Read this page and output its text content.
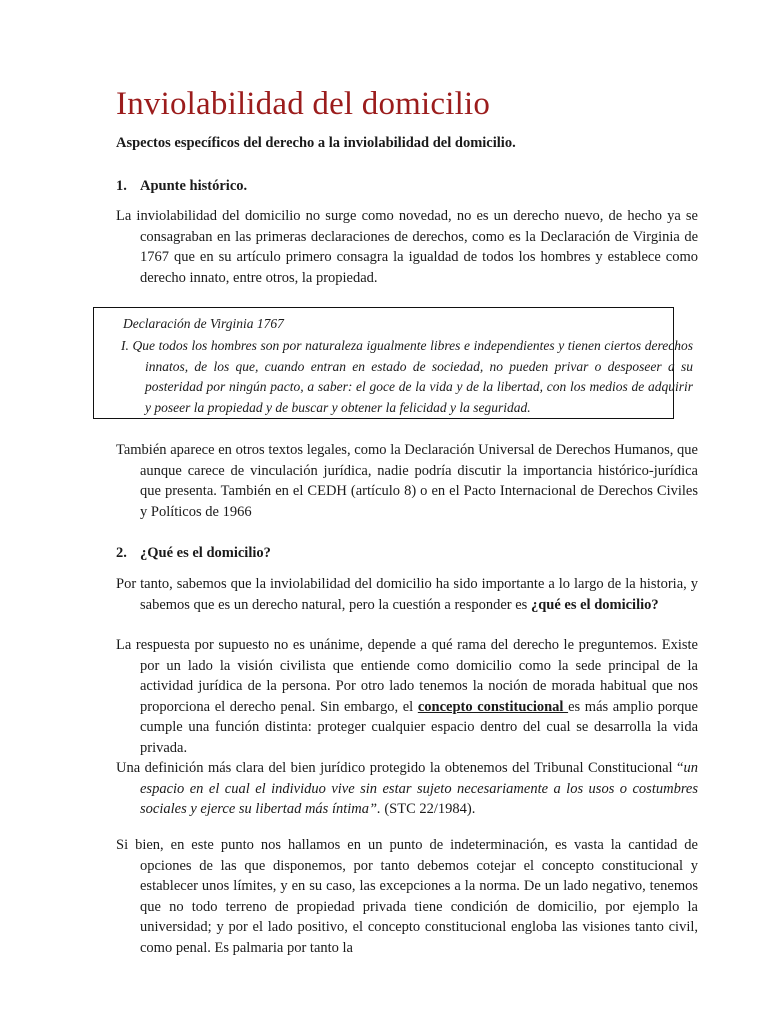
Inviolabilidad del domicilio

Aspectos específicos del derecho a la inviolabilidad del domicilio.

1. Apunte histórico.

La inviolabilidad del domicilio no surge como novedad, no es un derecho nuevo, de hecho ya se consagraban en las primeras declaraciones de derechos, como es la Declaración de Virginia de 1767 que en su artículo primero consagra la igualdad de todos los hombres y establece como derecho innato, entre otros, la propiedad.

Declaración de Virginia 1767

I. Que todos los hombres son por naturaleza igualmente libres e independientes y tienen ciertos derechos innatos, de los que, cuando entran en estado de sociedad, no pueden privar o desposeer a su posteridad por ningún pacto, a saber: el goce de la vida y de la libertad, con los medios de adquirir y poseer la propiedad y de buscar y obtener la felicidad y la seguridad.

También aparece en otros textos legales, como la Declaración Universal de Derechos Humanos, que aunque carece de vinculación jurídica, nadie podría discutir la importancia histórico-jurídica que presenta. También en el CEDH (artículo 8) o en el Pacto Internacional de Derechos Civiles y Políticos de 1966

2. ¿Qué es el domicilio?

Por tanto, sabemos que la inviolabilidad del domicilio ha sido importante a lo largo de la historia, y sabemos que es un derecho natural, pero la cuestión a responder es ¿qué es el domicilio?

La respuesta por supuesto no es unánime, depende a qué rama del derecho le preguntemos. Existe por un lado la visión civilista que entiende como domicilio como la sede principal de la actividad jurídica de la persona. Por otro lado tenemos la noción de morada habitual que nos proporciona el derecho penal. Sin embargo, el concepto constitucional es más amplio porque cumple una función distinta: proteger cualquier espacio dentro del cual se desarrolla la vida privada.

Una definición más clara del bien jurídico protegido la obtenemos del Tribunal Constitucional “un espacio en el cual el individuo vive sin estar sujeto necesariamente a los usos o costumbres sociales y ejerce su libertad más íntima”. (STC 22/1984).

Si bien, en este punto nos hallamos en un punto de indeterminación, es vasta la cantidad de opciones de las que disponemos, por tanto debemos cotejar el concepto constitucional y establecer unos límites, y en su caso, las excepciones a la norma. De un lado negativo, tenemos que no todo terreno de propiedad privada tiene condición de domicilio, por ejemplo la universidad; y por el lado positivo, el concepto constitucional engloba las visiones tanto civil, como penal. Es palmaria por tanto la
